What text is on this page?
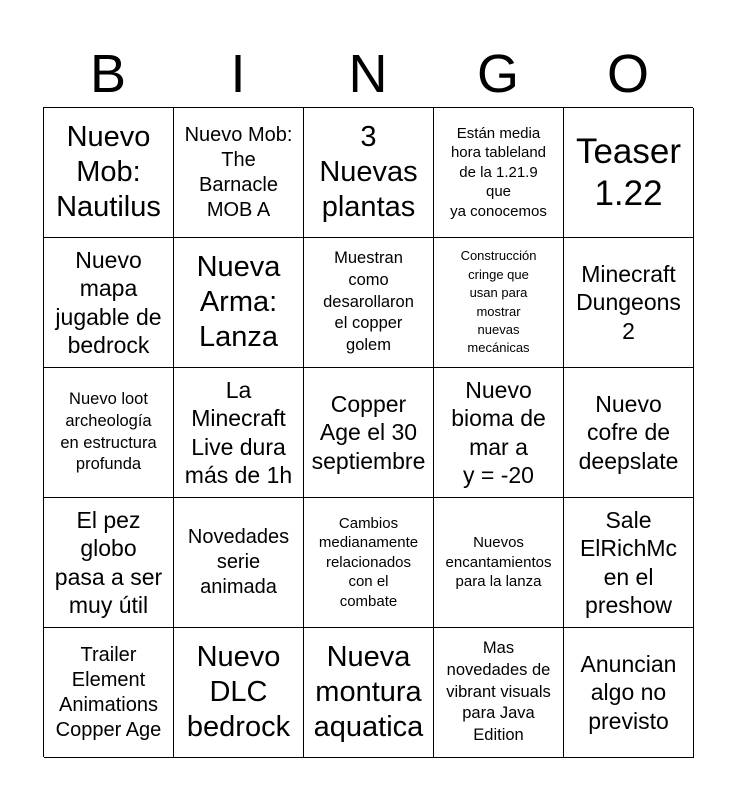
B	I	N	G	O
Nuevo
Mob:
Nautilus
Nuevo Mob:
The
Barnacle
MOB A
3
Nuevas
plantas
Están media
hora tableland
de la 1.21.9
que
ya conocemos
Teaser
1.22
Nuevo
mapa
jugable de
bedrock
Nueva
Arma:
Lanza
Muestran
como
desarollaron
el copper
golem
Construcción
cringe que
usan para
mostrar
nuevas
mecánicas
Minecraft
Dungeons
2
Nuevo loot
archeología
en estructura
profunda
La
Minecraft
Live dura
más de 1h
Copper
Age el 30
septiembre
Nuevo
bioma de
mar a
y = -20
Nuevo
cofre de
deepslate
El pez
globo
pasa a ser
muy útil
Novedades
serie
animada
Cambios
medianamente
relacionados
con el
combate
Nuevos
encantamientos
para la lanza
Sale
ElRichMc
en el
preshow
Trailer
Element
Animations
Copper Age
Nuevo
DLC
bedrock
Nueva
montura
aquatica
Mas
novedades de
vibrant visuals
para Java
Edition
Anuncian
algo no
previsto
